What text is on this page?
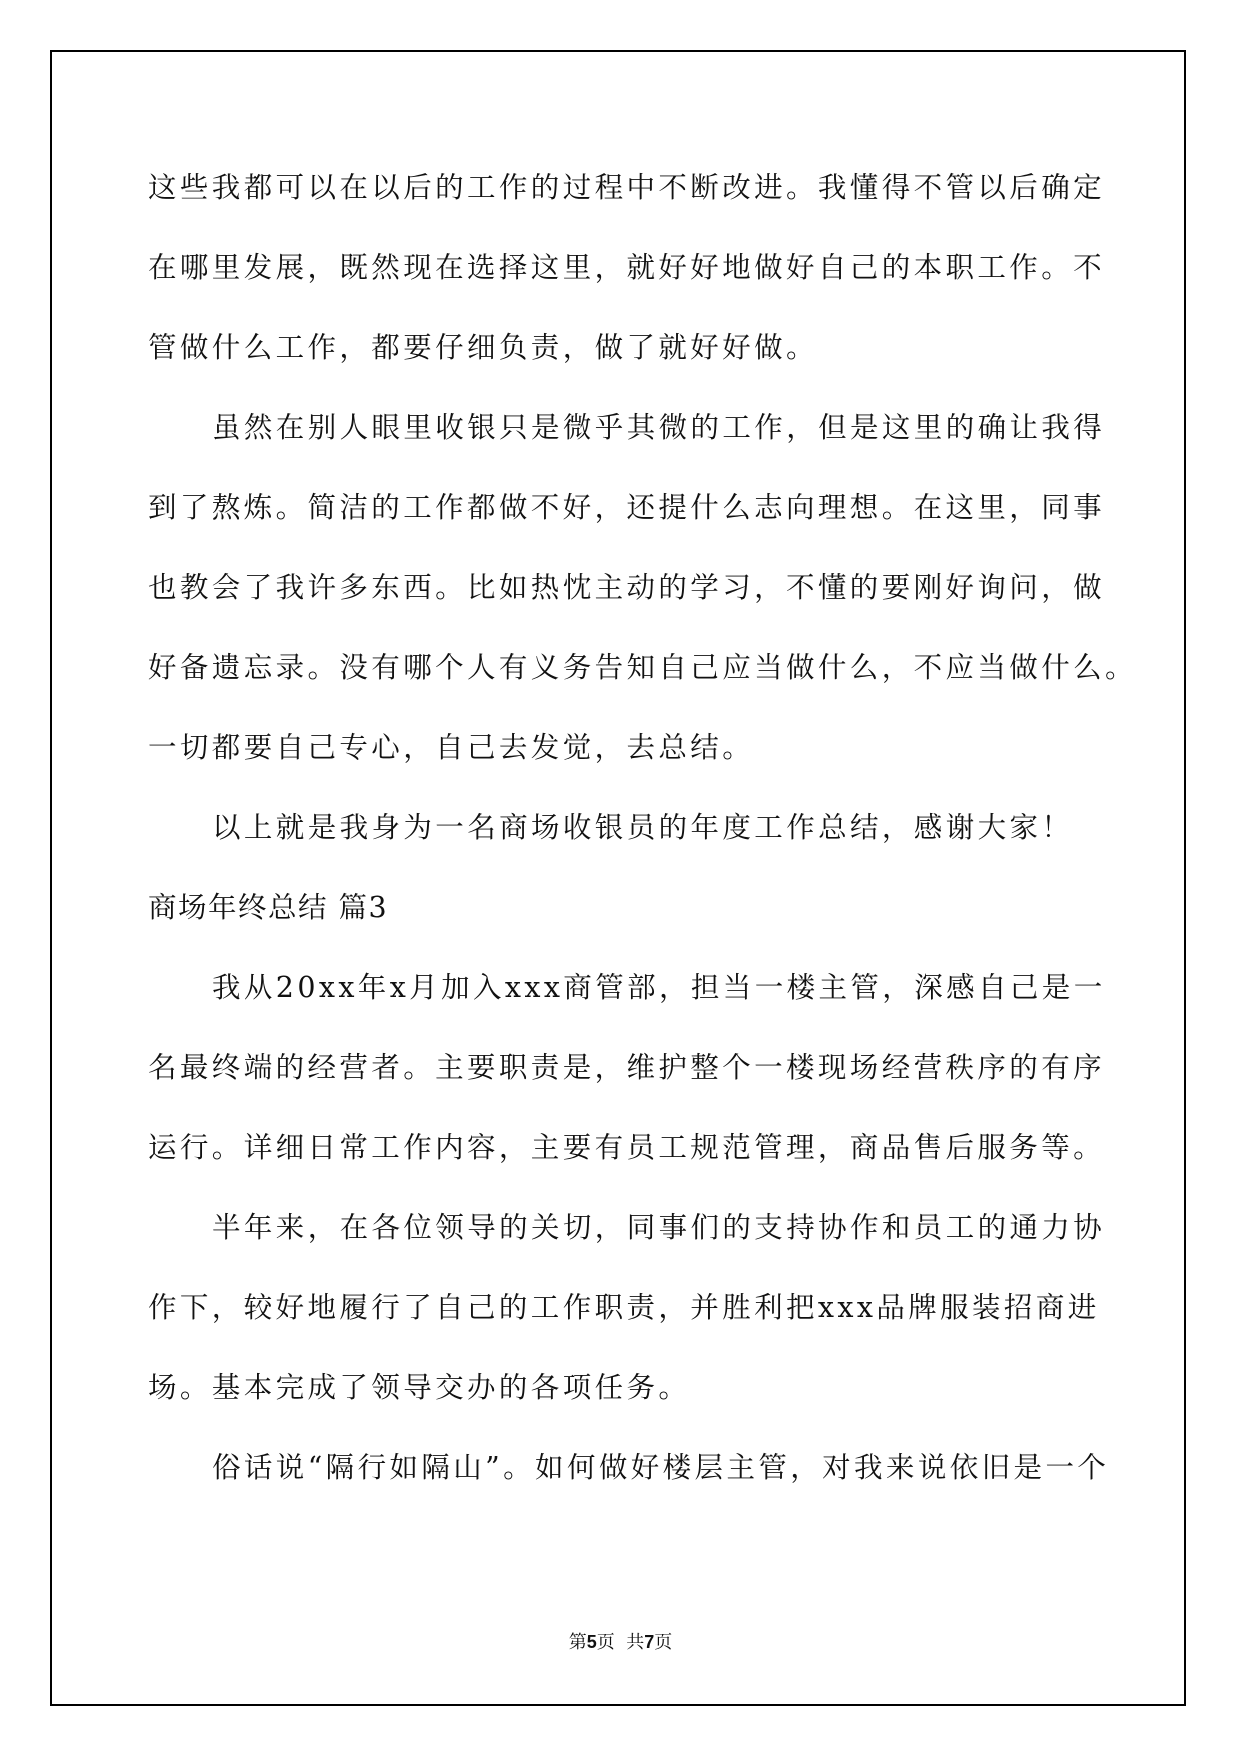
这些我都可以在以后的工作的过程中不断改进。我懂得不管以后确定
在哪里发展，既然现在选择这里，就好好地做好自己的本职工作。不
管做什么工作，都要仔细负责，做了就好好做。
虽然在别人眼里收银只是微乎其微的工作，但是这里的确让我得
到了熬炼。简洁的工作都做不好，还提什么志向理想。在这里，同事
也教会了我许多东西。比如热忱主动的学习，不懂的要刚好询问，做
好备遗忘录。没有哪个人有义务告知自己应当做什么，不应当做什么。
一切都要自己专心，自己去发觉，去总结。
以上就是我身为一名商场收银员的年度工作总结，感谢大家！
商场年终总结 篇3
我从20xx年x月加入xxx商管部，担当一楼主管，深感自己是一
名最终端的经营者。主要职责是，维护整个一楼现场经营秩序的有序
运行。详细日常工作内容，主要有员工规范管理，商品售后服务等。
半年来，在各位领导的关切，同事们的支持协作和员工的通力协
作下，较好地履行了自己的工作职责，并胜利把xxx品牌服装招商进
场。基本完成了领导交办的各项任务。
俗话说“隔行如隔山”。如何做好楼层主管，对我来说依旧是一个
第5页  共7页
